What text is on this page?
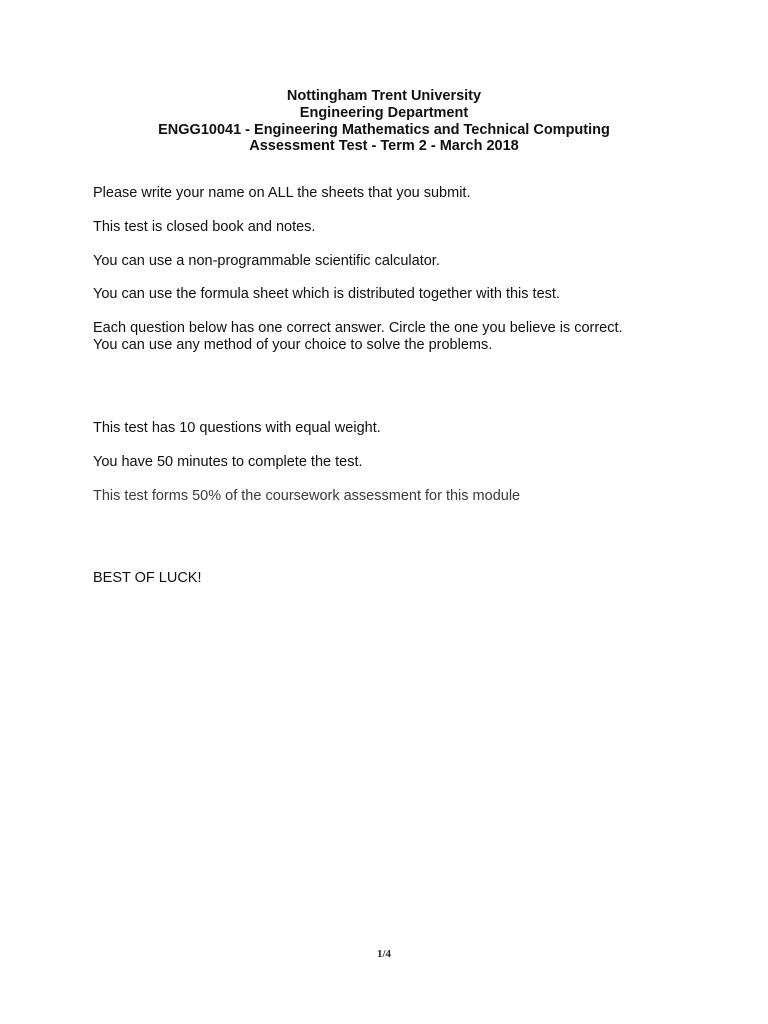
Nottingham Trent University
Engineering Department
ENGG10041 - Engineering Mathematics and Technical Computing
Assessment Test - Term 2 - March 2018
Please write your name on ALL the sheets that you submit.
This test is closed book and notes.
You can use a non-programmable scientific calculator.
You can use the formula sheet which is distributed together with this test.
Each question below has one correct answer. Circle the one you believe is correct.
You can use any method of your choice to solve the problems.
This test has 10 questions with equal weight.
You have 50 minutes to complete the test.
This test forms 50% of the coursework assessment for this module
BEST OF LUCK!
1/4
